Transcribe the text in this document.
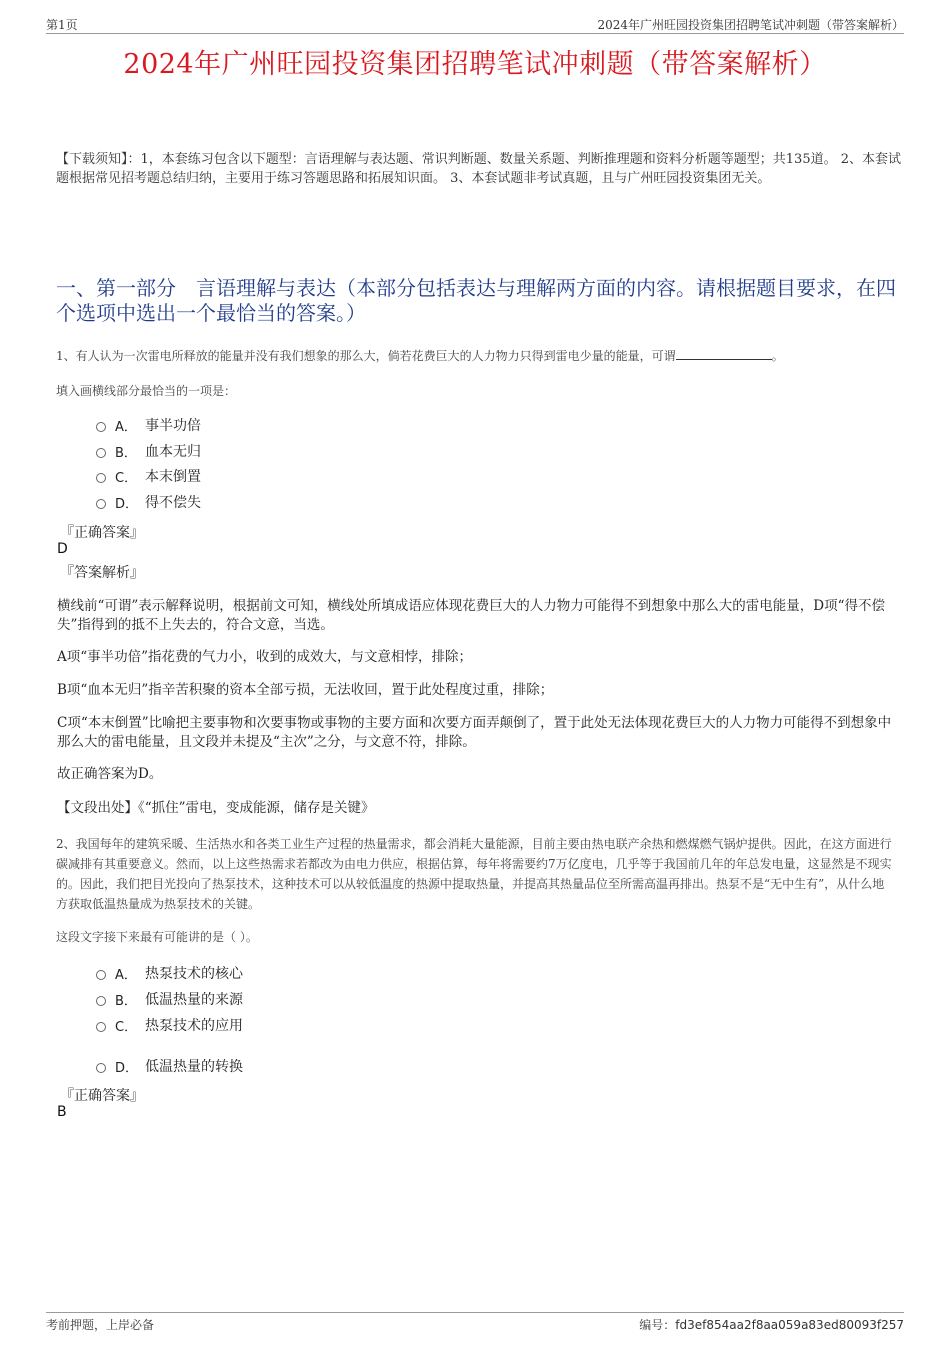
第1页	2024年广州旺园投资集团招聘笔试冲刺题（带答案解析）
2024年广州旺园投资集团招聘笔试冲刺题（带答案解析）
【下载须知】：1，本套练习包含以下题型：言语理解与表达题、常识判断题、数量关系题、判断推理题和资料分析题等题型；共135道。 2、本套试题根据常见招考题总结归纳，主要用于练习答题思路和拓展知识面。 3、本套试题非考试真题，且与广州旺园投资集团无关。
一、第一部分　言语理解与表达（本部分包括表达与理解两方面的内容。请根据题目要求，在四个选项中选出一个最恰当的答案。）
1、有人认为一次雷电所释放的能量并没有我们想象的那么大，倘若花费巨大的人力物力只得到雷电少量的能量，可谓	。
填入画横线部分最恰当的一项是：
A． 事半功倍
B． 血本无归
C． 本末倒置
D． 得不偿失
『正确答案』
D
『答案解析』
横线前“可谓”表示解释说明，根据前文可知，横线处所填成语应体现花费巨大的人力物力可能得不到想象中那么大的雷电能量，D项“得不偿失”指得到的抵不上失去的，符合文意，当选。
A项“事半功倍”指花费的气力小，收到的成效大，与文意相悖，排除；
B项“血本无归”指辛苦积聚的资本全部亏损，无法收回，置于此处程度过重，排除；
C项“本末倒置”比喻把主要事物和次要事物或事物的主要方面和次要方面弄颠倒了，置于此处无法体现花费巨大的人力物力可能得不到想象中那么大的雷电能量，且文段并未提及“主次”之分，与文意不符，排除。
故正确答案为D。
【文段出处】《“抓住”雷电，变成能源，储存是关键》
2、我国每年的建筑采暖、生活热水和各类工业生产过程的热量需求，都会消耗大量能源，目前主要由热电联产余热和燃煤燃气锅炉提供。因此，在这方面进行碳减排有其重要意义。然而，以上这些热需求若都改为由电力供应，根据估算，每年将需要约7万亿度电，几乎等于我国前几年的年总发电量，这显然是不现实的。因此，我们把目光投向了热泵技术，这种技术可以从较低温度的热源中提取热量，并提高其热量品位至所需高温再排出。热泵不是“无中生有”，从什么地方获取低温热量成为热泵技术的关键。
这段文字接下来最有可能讲的是（ ）。
A． 热泵技术的核心
B． 低温热量的来源
C． 热泵技术的应用
D． 低温热量的转换
『正确答案』
B
考前押题，上岸必备	编号：fd3ef854aa2f8aa059a83ed80093f257
